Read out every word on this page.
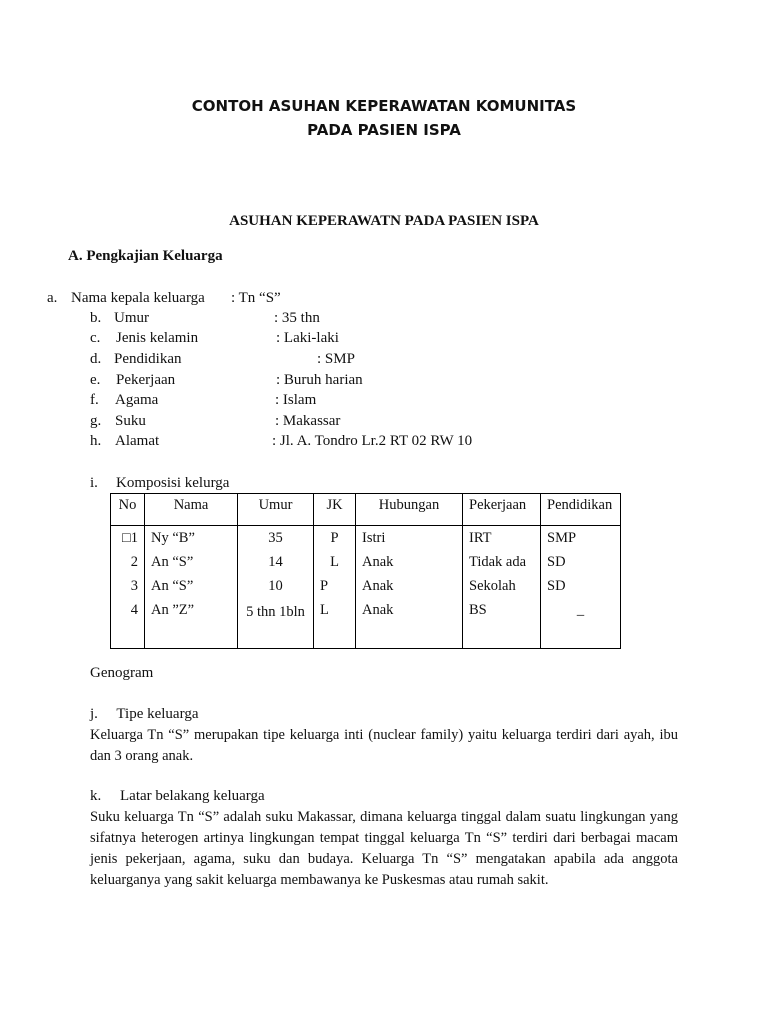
CONTOH ASUHAN KEPERAWATAN KOMUNITAS
PADA PASIEN ISPA
ASUHAN KEPERAWATN PADA PASIEN ISPA
A. Pengkajian Keluarga
a. Nama kepala keluarga : Tn “S”
b. Umur	: 35 thn
c. Jenis kelamin	: Laki-laki
d. Pendidikan	: SMP
e. Pekerjaan	: Buruh harian
f. Agama	: Islam
g. Suku	: Makassar
h. Alamat	: Jl. A. Tondro Lr.2 RT 02 RW 10
i. Komposisi kelurga
No	Nama	Umur	JK	Hubungan	Pekerjaan	Pendidikan
□1	Ny “B”	35	P	Istri	IRT	SMP
2	An “S”	14	L	Anak	Tidak ada	SD
3	An “S”	10	P	Anak	Sekolah	SD
4	An ”Z”	5 thn 1bln	L	Anak	BS	_
Genogram
j.     Tipe keluarga
Keluarga Tn “S” merupakan tipe keluarga inti (nuclear family) yaitu keluarga terdiri dari ayah, ibu dan 3 orang anak.
k.     Latar belakang keluarga
Suku keluarga Tn “S” adalah suku Makassar, dimana keluarga tinggal dalam suatu lingkungan yang sifatnya heterogen artinya lingkungan tempat tinggal keluarga Tn “S” terdiri dari berbagai macam jenis pekerjaan, agama, suku dan budaya. Keluarga Tn “S” mengatakan apabila ada anggota keluarganya yang sakit keluarga membawanya ke Puskesmas atau rumah sakit.
